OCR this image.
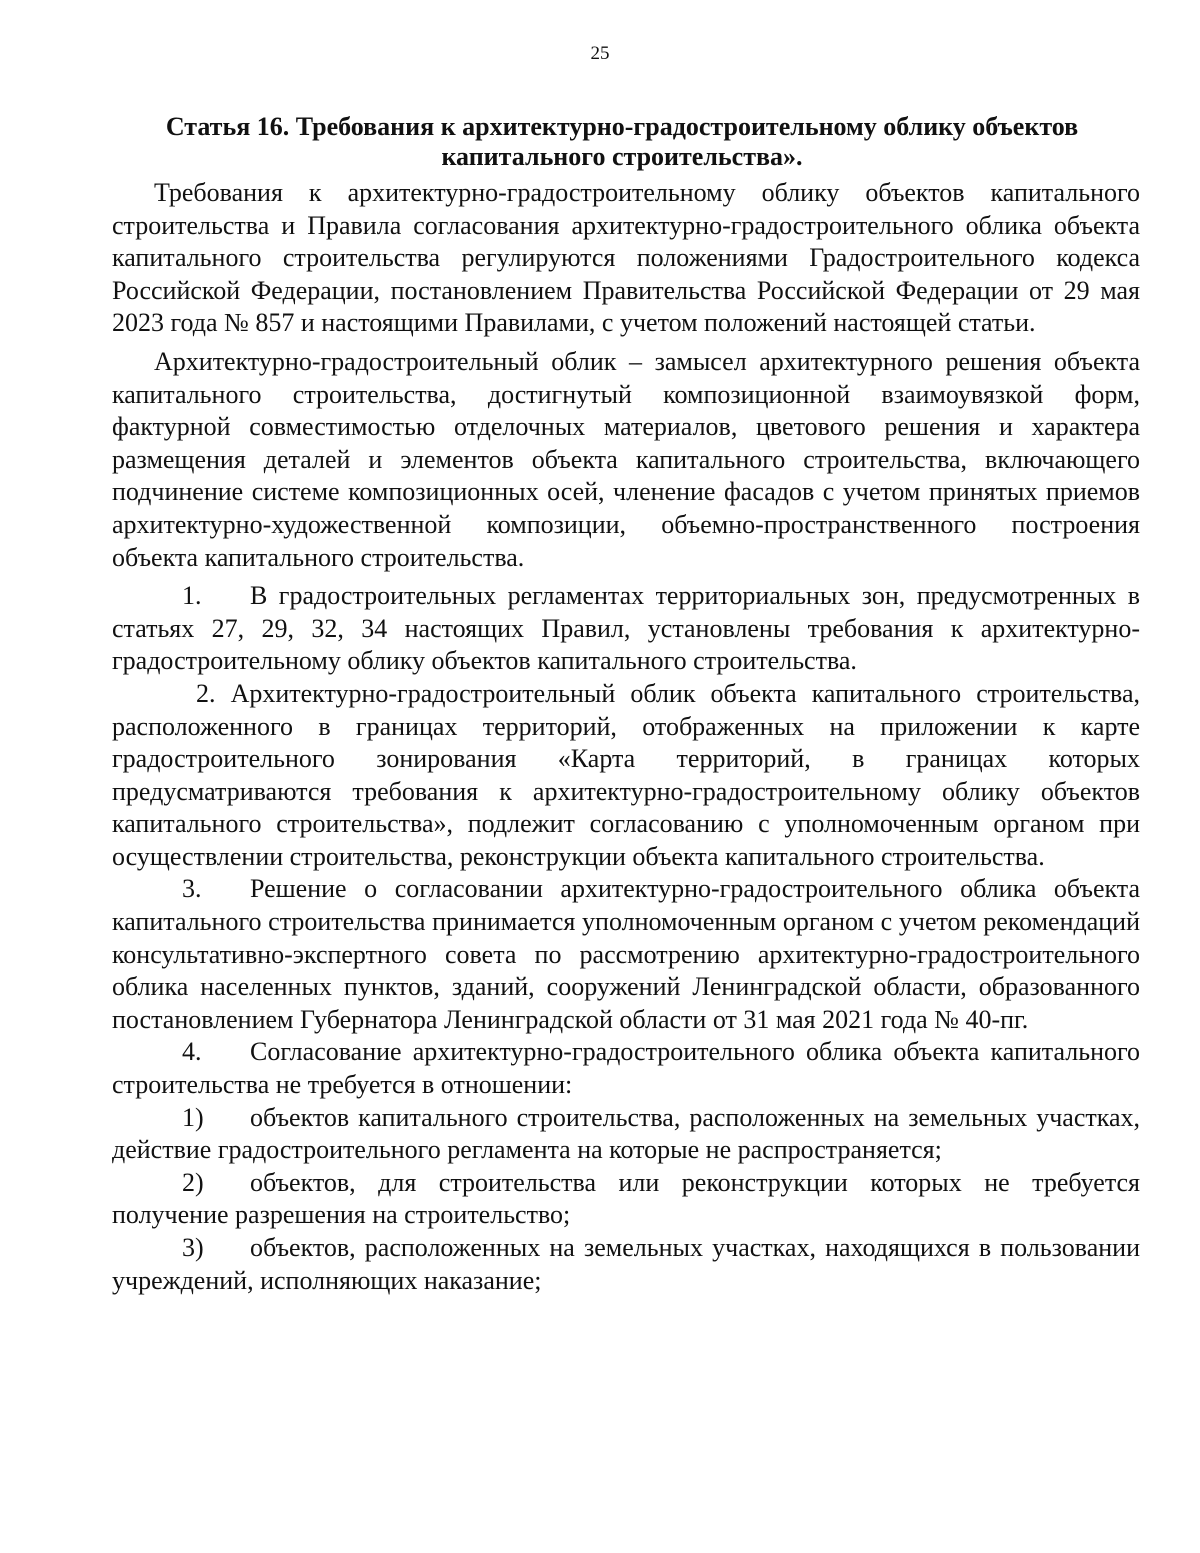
25
Статья 16. Требования к архитектурно-градостроительному облику объектов капитального строительства».

Требования к архитектурно-градостроительному облику объектов капитального строительства и Правила согласования архитектурно-градостроительного облика объекта капитального строительства регулируются положениями Градостроительного кодекса Российской Федерации, постановлением Правительства Российской Федерации от 29 мая 2023 года № 857 и настоящими Правилами, с учетом положений настоящей статьи.

Архитектурно-градостроительный облик – замысел архитектурного решения объекта капитального строительства, достигнутый композиционной взаимоувязкой форм, фактурной совместимостью отделочных материалов, цветового решения и характера размещения деталей и элементов объекта капитального строительства, включающего подчинение системе композиционных осей, членение фасадов с учетом принятых приемов архитектурно-художественной композиции, объемно-пространственного построения объекта капитального строительства.

1. В градостроительных регламентах территориальных зон, предусмотренных в статьях 27, 29, 32, 34 настоящих Правил, установлены требования к архитектурно-градостроительному облику объектов капитального строительства.

2. Архитектурно-градостроительный облик объекта капитального строительства, расположенного в границах территорий, отображенных на приложении к карте градостроительного зонирования «Карта территорий, в границах которых предусматриваются требования к архитектурно-градостроительному облику объектов капитального строительства», подлежит согласованию с уполномоченным органом при осуществлении строительства, реконструкции объекта капитального строительства.

3. Решение о согласовании архитектурно-градостроительного облика объекта капитального строительства принимается уполномоченным органом с учетом рекомендаций консультативно-экспертного совета по рассмотрению архитектурно-градостроительного облика населенных пунктов, зданий, сооружений Ленинградской области, образованного постановлением Губернатора Ленинградской области от 31 мая 2021 года № 40-пг.

4. Согласование архитектурно-градостроительного облика объекта капитального строительства не требуется в отношении:

1) объектов капитального строительства, расположенных на земельных участках, действие градостроительного регламента на которые не распространяется;

2) объектов, для строительства или реконструкции которых не требуется получение разрешения на строительство;

3) объектов, расположенных на земельных участках, находящихся в пользовании учреждений, исполняющих наказание;
